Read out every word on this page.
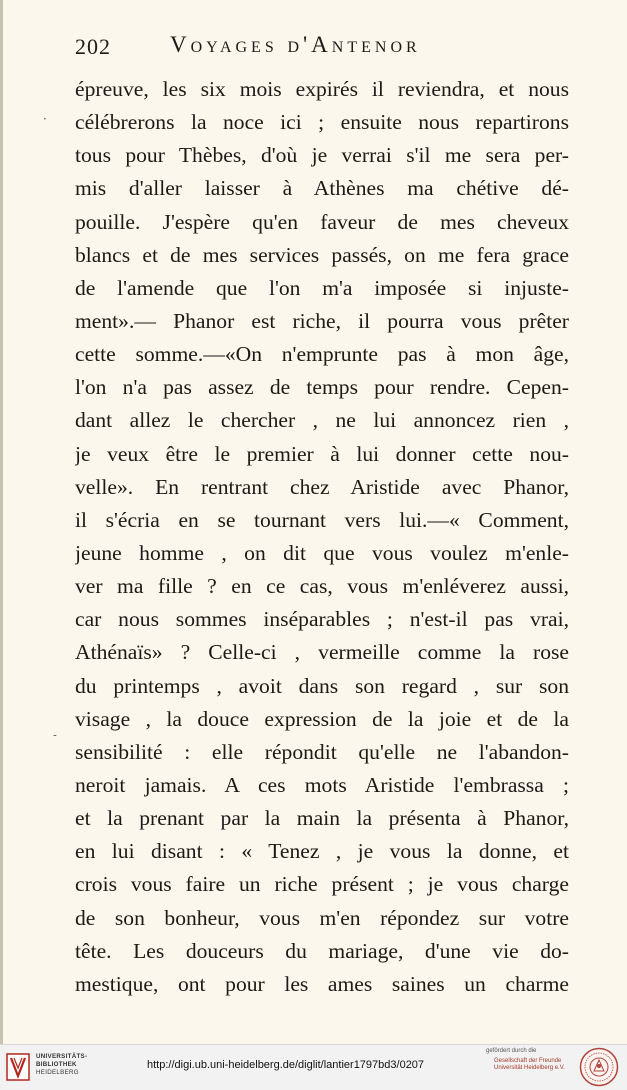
202	Voyages d'Antenor
·
˗
épreuve, les six mois expirés il reviendra, et nous
célébrerons la noce ici ; ensuite nous repartirons
tous pour Thèbes, d'où je verrai s'il me sera per-
mis d'aller laisser à Athènes ma chétive dé-
pouille. J'espère qu'en faveur de mes cheveux
blancs et de mes services passés, on me fera grace
de l'amende que l'on m'a imposée si injuste-
ment».— Phanor est riche, il pourra vous prêter
cette somme.—«On n'emprunte pas à mon âge,
l'on n'a pas assez de temps pour rendre. Cepen-
dant allez le chercher , ne lui annoncez rien ,
je veux être le premier à lui donner cette nou-
velle». En rentrant chez Aristide avec Phanor,
il s'écria en se tournant vers lui.—« Comment,
jeune homme , on dit que vous voulez m'enle-
ver ma fille ? en ce cas, vous m'enléverez aussi,
car nous sommes inséparables ; n'est-il pas vrai,
Athénaïs» ? Celle-ci , vermeille comme la rose
du printemps , avoit dans son regard , sur son
visage , la douce expression de la joie et de la
sensibilité : elle répondit qu'elle ne l'abandon-
neroit jamais. A ces mots Aristide l'embrassa ;
et la prenant par la main la présenta à Phanor,
en lui disant : « Tenez , je vous la donne, et
crois vous faire un riche présent ; je vous charge
de son bonheur, vous m'en répondez sur votre
tête. Les douceurs du mariage, d'une vie do-
mestique, ont pour les ames saines un charme
UNIVERSITÄTS-
BIBLIOTHEK
HEIDELBERG
http://digi.ub.uni-heidelberg.de/diglit/lantier1797bd3/0207
gefördert durch die
Gesellschaft der Freunde
Universität Heidelberg e.V.
